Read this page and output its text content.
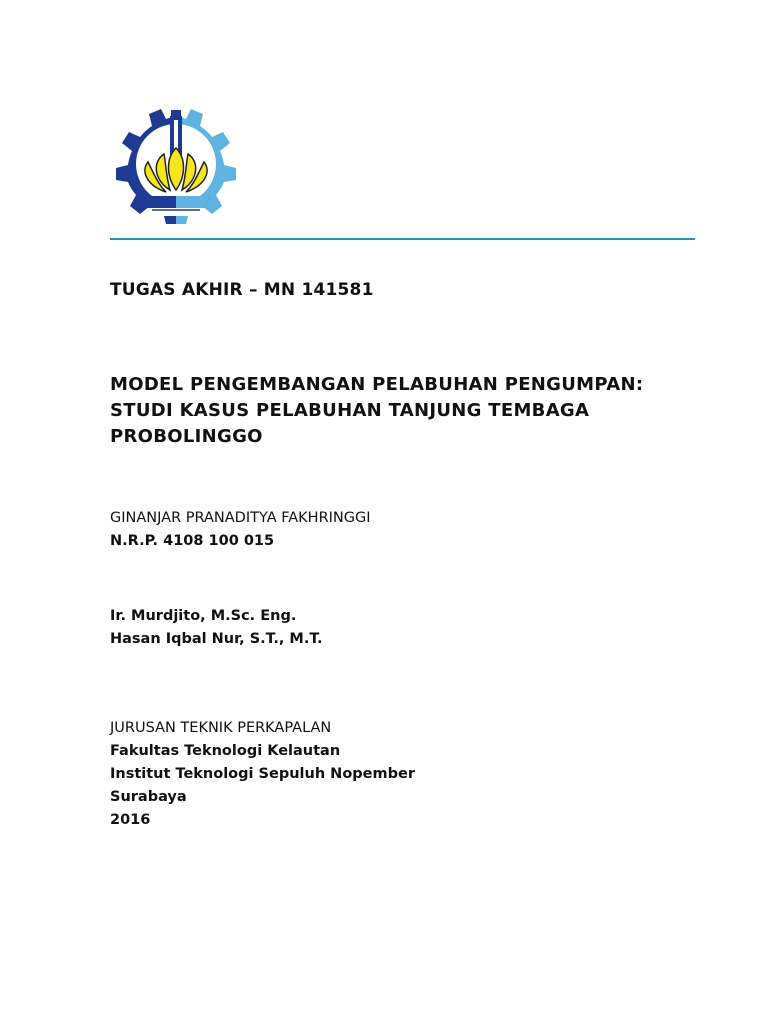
TUGAS AKHIR – MN 141581
MODEL PENGEMBANGAN PELABUHAN PENGUMPAN:
STUDI KASUS PELABUHAN TANJUNG TEMBAGA
PROBOLINGGO
GINANJAR PRANADITYA FAKHRINGGI
N.R.P. 4108 100 015
Ir. Murdjito, M.Sc. Eng.
Hasan Iqbal Nur, S.T., M.T.
JURUSAN TEKNIK PERKAPALAN
Fakultas Teknologi Kelautan
Institut Teknologi Sepuluh Nopember
Surabaya
2016
